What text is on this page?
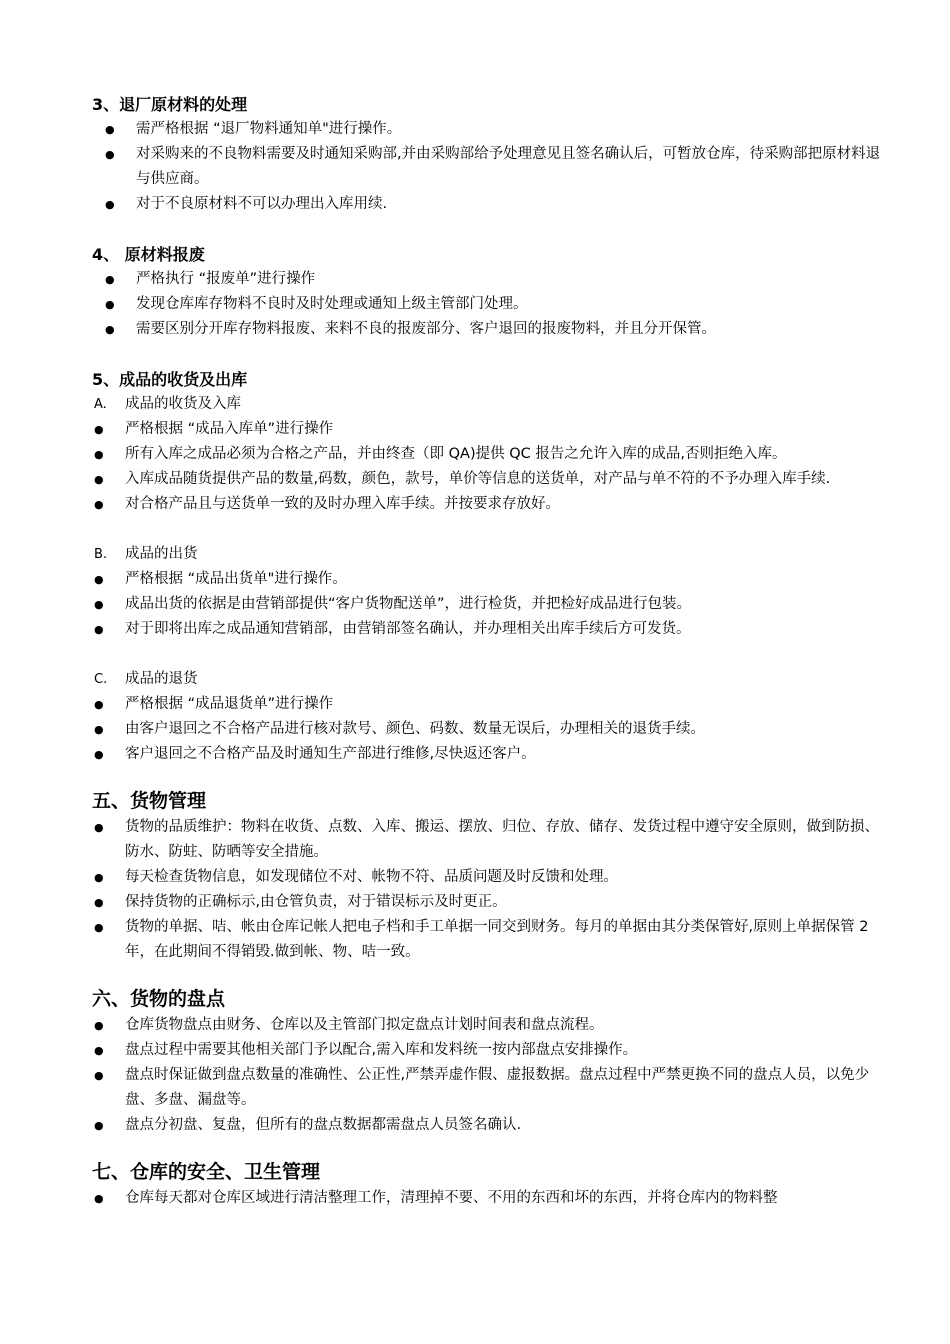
3、退厂原材料的处理
● 需严格根据 “退厂物料通知单"进行操作。
● 对采购来的不良物料需要及时通知采购部,并由采购部给予处理意见且签名确认后，可暂放仓库，待采购部把原材料退与供应商。
● 对于不良原材料不可以办理出入库用续.
4、 原材料报废
● 严格执行 “报废单”进行操作
● 发现仓库库存物料不良时及时处理或通知上级主管部门处理。
● 需要区别分开库存物料报废、来料不良的报废部分、客户退回的报废物料，并且分开保管。
5、成品的收货及出库
A. 成品的收货及入库
● 严格根据 “成品入库单”进行操作
● 所有入库之成品必须为合格之产品，并由终查（即 QA)提供 QC 报告之允许入库的成品,否则拒绝入库。
● 入库成品随货提供产品的数量,码数，颜色，款号，单价等信息的送货单，对产品与单不符的不予办理入库手续.
● 对合格产品且与送货单一致的及时办理入库手续。并按要求存放好。
B. 成品的出货
● 严格根据 “成品出货单"进行操作。
● 成品出货的依据是由营销部提供“客户货物配送单”，进行检货，并把检好成品进行包装。
● 对于即将出库之成品通知营销部，由营销部签名确认，并办理相关出库手续后方可发货。
C. 成品的退货
● 严格根据 “成品退货单”进行操作
● 由客户退回之不合格产品进行核对款号、颜色、码数、数量无误后，办理相关的退货手续。
● 客户退回之不合格产品及时通知生产部进行维修,尽快返还客户。
五、货物管理
● 货物的品质维护：物料在收货、点数、入库、搬运、摆放、归位、存放、储存、发货过程中遵守安全原则，做到防损、防水、防蛀、防晒等安全措施。
● 每天检查货物信息，如发现储位不对、帐物不符、品质问题及时反馈和处理。
● 保持货物的正确标示,由仓管负责，对于错误标示及时更正。
● 货物的单据、咭、帐由仓库记帐人把电子档和手工单据一同交到财务。每月的单据由其分类保管好,原则上单据保管 2 年，在此期间不得销毁.做到帐、物、咭一致。
六、货物的盘点
● 仓库货物盘点由财务、仓库以及主管部门拟定盘点计划时间表和盘点流程。
● 盘点过程中需要其他相关部门予以配合,需入库和发料统一按内部盘点安排操作。
● 盘点时保证做到盘点数量的准确性、公正性,严禁弄虚作假、虚报数据。盘点过程中严禁更换不同的盘点人员，以免少盘、多盘、漏盘等。
● 盘点分初盘、复盘，但所有的盘点数据都需盘点人员签名确认.
七、仓库的安全、卫生管理
● 仓库每天都对仓库区域进行清洁整理工作，清理掉不要、不用的东西和坏的东西，并将仓库内的物料整
